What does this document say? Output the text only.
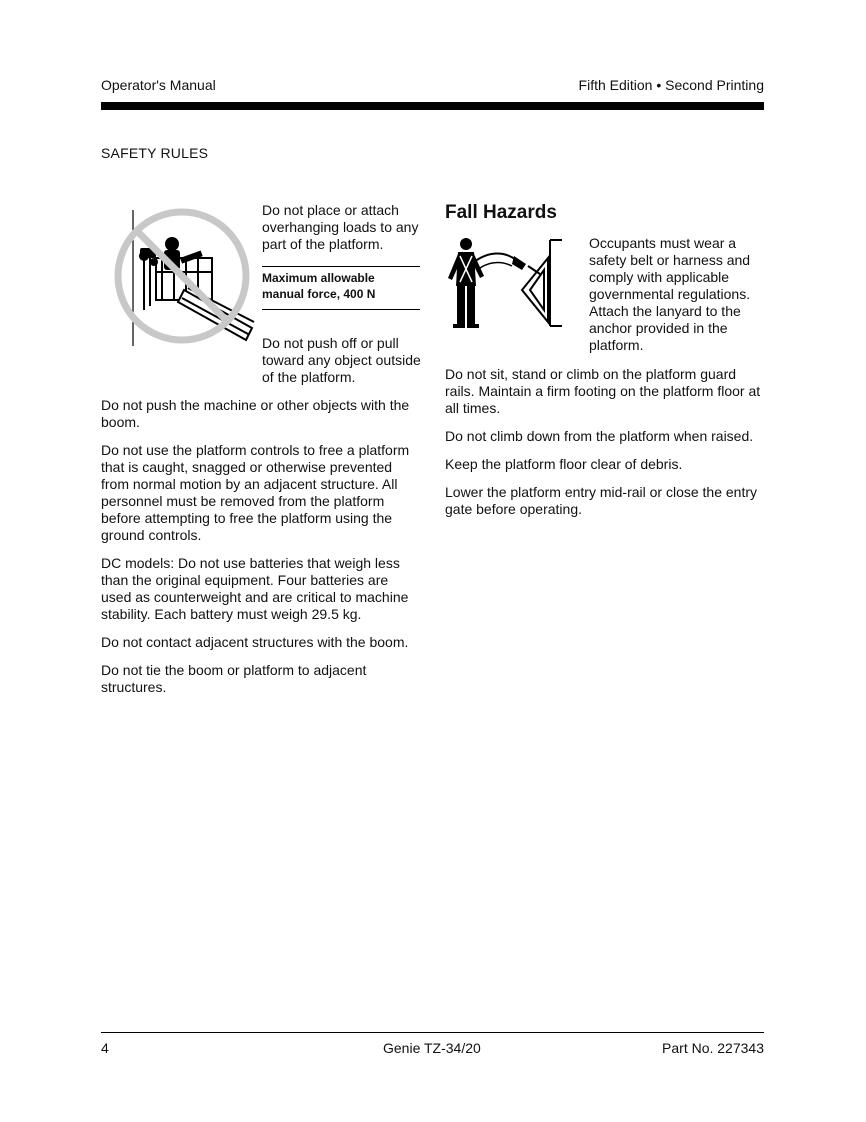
Operator's Manual	Fifth Edition • Second Printing
SAFETY RULES
Do not place or attach overhanging loads to any part of the platform.
Maximum allowable manual force, 400 N
Do not push off or pull toward any object outside of the platform.

Do not push the machine or other objects with the boom.

Do not use the platform controls to free a platform that is caught, snagged or otherwise prevented from normal motion by an adjacent structure. All personnel must be removed from the platform before attempting to free the platform using the ground controls.

DC models: Do not use batteries that weigh less than the original equipment. Four batteries are used as counterweight and are critical to machine stability. Each battery must weigh 29.5 kg.

Do not contact adjacent structures with the boom.

Do not tie the boom or platform to adjacent structures.

Fall Hazards
Occupants must wear a safety belt or harness and comply with applicable governmental regulations. Attach the lanyard to the anchor provided in the platform.

Do not sit, stand or climb on the platform guard rails. Maintain a firm footing on the platform floor at all times.

Do not climb down from the platform when raised.

Keep the platform floor clear of debris.

Lower the platform entry mid-rail or close the entry gate before operating.

4	Genie TZ-34/20	Part No. 227343
